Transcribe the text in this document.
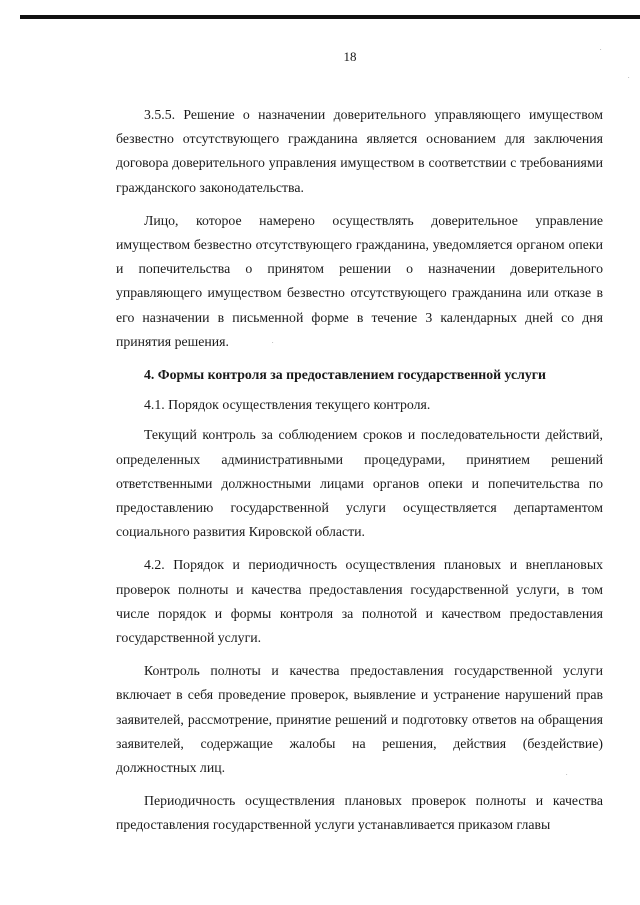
18

3.5.5. Решение о назначении доверительного управляющего имуществом безвестно отсутствующего гражданина является основанием для заключения договора доверительного управления имуществом в соответствии с требованиями гражданского законодательства.

Лицо, которое намерено осуществлять доверительное управление имуществом безвестно отсутствующего гражданина, уведомляется органом опеки и попечительства о принятом решении о назначении доверительного управляющего имуществом безвестно отсутствующего гражданина или отказе в его назначении в письменной форме в течение 3 календарных дней со дня принятия решения.

4. Формы контроля за предоставлением государственной услуги

4.1. Порядок осуществления текущего контроля.

Текущий контроль за соблюдением сроков и последовательности действий, определенных административными процедурами, принятием решений ответственными должностными лицами органов опеки и попечительства по предоставлению государственной услуги осуществляется департаментом социального развития Кировской области.

4.2. Порядок и периодичность осуществления плановых и внеплановых проверок полноты и качества предоставления государственной услуги, в том числе порядок и формы контроля за полнотой и качеством предоставления государственной услуги.

Контроль полноты и качества предоставления государственной услуги включает в себя проведение проверок, выявление и устранение нарушений прав заявителей, рассмотрение, принятие решений и подготовку ответов на обращения заявителей, содержащие жалобы на решения, действия (бездействие) должностных лиц.

Периодичность осуществления плановых проверок полноты и качества предоставления государственной услуги устанавливается приказом главы

.
.
.
.
